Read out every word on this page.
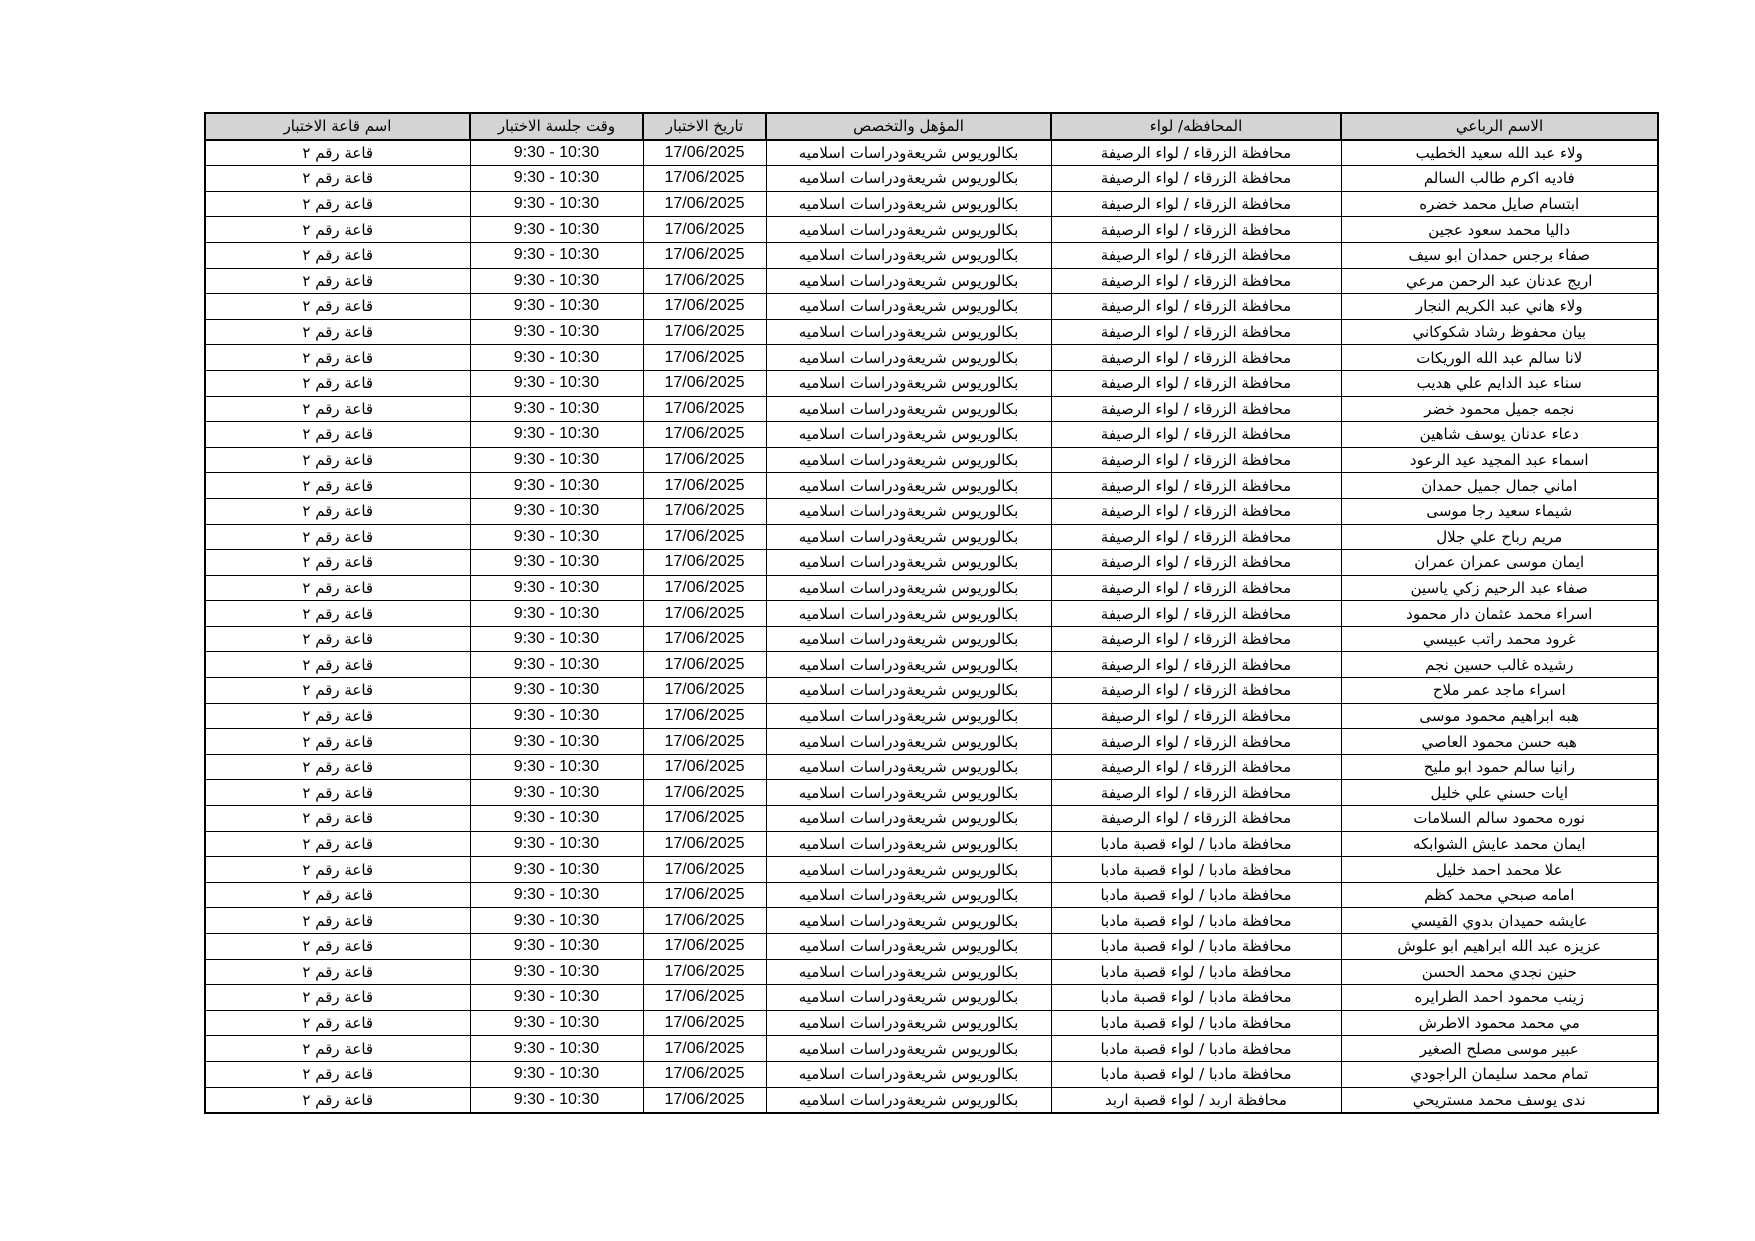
الاسم الرباعي	المحافظه/ لواء	المؤهل والتخصص	تاريخ الاختبار	وقت جلسة الاختبار	اسم قاعة الاختبار
ولاء عبد الله سعيد الخطيب	محافظة الزرقاء / لواء الرصيفة	بكالوريوس شريعةودراسات اسلاميه	17/06/2025	9:30 - 10:30	قاعة رقم ٢
فاديه اكرم طالب السالم	محافظة الزرقاء / لواء الرصيفة	بكالوريوس شريعةودراسات اسلاميه	17/06/2025	9:30 - 10:30	قاعة رقم ٢
ابتسام صايل محمد خضره	محافظة الزرقاء / لواء الرصيفة	بكالوريوس شريعةودراسات اسلاميه	17/06/2025	9:30 - 10:30	قاعة رقم ٢
داليا محمد سعود عجين	محافظة الزرقاء / لواء الرصيفة	بكالوريوس شريعةودراسات اسلاميه	17/06/2025	9:30 - 10:30	قاعة رقم ٢
صفاء برجس حمدان ابو سيف	محافظة الزرقاء / لواء الرصيفة	بكالوريوس شريعةودراسات اسلاميه	17/06/2025	9:30 - 10:30	قاعة رقم ٢
اريج عدنان عبد الرحمن مرعي	محافظة الزرقاء / لواء الرصيفة	بكالوريوس شريعةودراسات اسلاميه	17/06/2025	9:30 - 10:30	قاعة رقم ٢
ولاء هاني عبد الكريم النجار	محافظة الزرقاء / لواء الرصيفة	بكالوريوس شريعةودراسات اسلاميه	17/06/2025	9:30 - 10:30	قاعة رقم ٢
بيان محفوظ رشاد شكوكاني	محافظة الزرقاء / لواء الرصيفة	بكالوريوس شريعةودراسات اسلاميه	17/06/2025	9:30 - 10:30	قاعة رقم ٢
لانا سالم عبد الله الوريكات	محافظة الزرقاء / لواء الرصيفة	بكالوريوس شريعةودراسات اسلاميه	17/06/2025	9:30 - 10:30	قاعة رقم ٢
سناء عبد الدايم علي هديب	محافظة الزرقاء / لواء الرصيفة	بكالوريوس شريعةودراسات اسلاميه	17/06/2025	9:30 - 10:30	قاعة رقم ٢
نجمه جميل محمود خضر	محافظة الزرقاء / لواء الرصيفة	بكالوريوس شريعةودراسات اسلاميه	17/06/2025	9:30 - 10:30	قاعة رقم ٢
دعاء عدنان يوسف شاهين	محافظة الزرقاء / لواء الرصيفة	بكالوريوس شريعةودراسات اسلاميه	17/06/2025	9:30 - 10:30	قاعة رقم ٢
اسماء عبد المجيد عيد الرعود	محافظة الزرقاء / لواء الرصيفة	بكالوريوس شريعةودراسات اسلاميه	17/06/2025	9:30 - 10:30	قاعة رقم ٢
اماني جمال جميل حمدان	محافظة الزرقاء / لواء الرصيفة	بكالوريوس شريعةودراسات اسلاميه	17/06/2025	9:30 - 10:30	قاعة رقم ٢
شيماء سعيد رجا موسى	محافظة الزرقاء / لواء الرصيفة	بكالوريوس شريعةودراسات اسلاميه	17/06/2025	9:30 - 10:30	قاعة رقم ٢
مريم رباح علي جلال	محافظة الزرقاء / لواء الرصيفة	بكالوريوس شريعةودراسات اسلاميه	17/06/2025	9:30 - 10:30	قاعة رقم ٢
ايمان موسى عمران عمران	محافظة الزرقاء / لواء الرصيفة	بكالوريوس شريعةودراسات اسلاميه	17/06/2025	9:30 - 10:30	قاعة رقم ٢
صفاء عبد الرحيم زكي ياسين	محافظة الزرقاء / لواء الرصيفة	بكالوريوس شريعةودراسات اسلاميه	17/06/2025	9:30 - 10:30	قاعة رقم ٢
اسراء محمد عثمان دار محمود	محافظة الزرقاء / لواء الرصيفة	بكالوريوس شريعةودراسات اسلاميه	17/06/2025	9:30 - 10:30	قاعة رقم ٢
غرود محمد راتب عبيسي	محافظة الزرقاء / لواء الرصيفة	بكالوريوس شريعةودراسات اسلاميه	17/06/2025	9:30 - 10:30	قاعة رقم ٢
رشيده غالب حسين نجم	محافظة الزرقاء / لواء الرصيفة	بكالوريوس شريعةودراسات اسلاميه	17/06/2025	9:30 - 10:30	قاعة رقم ٢
اسراء ماجد عمر ملاح	محافظة الزرقاء / لواء الرصيفة	بكالوريوس شريعةودراسات اسلاميه	17/06/2025	9:30 - 10:30	قاعة رقم ٢
هبه ابراهيم محمود موسى	محافظة الزرقاء / لواء الرصيفة	بكالوريوس شريعةودراسات اسلاميه	17/06/2025	9:30 - 10:30	قاعة رقم ٢
هبه حسن محمود العاصي	محافظة الزرقاء / لواء الرصيفة	بكالوريوس شريعةودراسات اسلاميه	17/06/2025	9:30 - 10:30	قاعة رقم ٢
رانيا سالم حمود ابو مليح	محافظة الزرقاء / لواء الرصيفة	بكالوريوس شريعةودراسات اسلاميه	17/06/2025	9:30 - 10:30	قاعة رقم ٢
ايات حسني علي خليل	محافظة الزرقاء / لواء الرصيفة	بكالوريوس شريعةودراسات اسلاميه	17/06/2025	9:30 - 10:30	قاعة رقم ٢
نوره محمود سالم السلامات	محافظة الزرقاء / لواء الرصيفة	بكالوريوس شريعةودراسات اسلاميه	17/06/2025	9:30 - 10:30	قاعة رقم ٢
ايمان محمد عايش الشوابكه	محافظة مادبا / لواء قصبة مادبا	بكالوريوس شريعةودراسات اسلاميه	17/06/2025	9:30 - 10:30	قاعة رقم ٢
علا محمد احمد خليل	محافظة مادبا / لواء قصبة مادبا	بكالوريوس شريعةودراسات اسلاميه	17/06/2025	9:30 - 10:30	قاعة رقم ٢
امامه صبحي محمد كظم	محافظة مادبا / لواء قصبة مادبا	بكالوريوس شريعةودراسات اسلاميه	17/06/2025	9:30 - 10:30	قاعة رقم ٢
عايشه حميدان بدوي القيسي	محافظة مادبا / لواء قصبة مادبا	بكالوريوس شريعةودراسات اسلاميه	17/06/2025	9:30 - 10:30	قاعة رقم ٢
عزيزه عبد الله ابراهيم ابو علوش	محافظة مادبا / لواء قصبة مادبا	بكالوريوس شريعةودراسات اسلاميه	17/06/2025	9:30 - 10:30	قاعة رقم ٢
حنين نجدي محمد الحسن	محافظة مادبا / لواء قصبة مادبا	بكالوريوس شريعةودراسات اسلاميه	17/06/2025	9:30 - 10:30	قاعة رقم ٢
زينب محمود احمد الطرايره	محافظة مادبا / لواء قصبة مادبا	بكالوريوس شريعةودراسات اسلاميه	17/06/2025	9:30 - 10:30	قاعة رقم ٢
مي محمد محمود الاطرش	محافظة مادبا / لواء قصبة مادبا	بكالوريوس شريعةودراسات اسلاميه	17/06/2025	9:30 - 10:30	قاعة رقم ٢
عبير موسى مصلح الصغير	محافظة مادبا / لواء قصبة مادبا	بكالوريوس شريعةودراسات اسلاميه	17/06/2025	9:30 - 10:30	قاعة رقم ٢
تمام محمد سليمان الراجودي	محافظة مادبا / لواء قصبة مادبا	بكالوريوس شريعةودراسات اسلاميه	17/06/2025	9:30 - 10:30	قاعة رقم ٢
ندى يوسف محمد مستريحي	محافظة اربد / لواء قصبة اربد	بكالوريوس شريعةودراسات اسلاميه	17/06/2025	9:30 - 10:30	قاعة رقم ٢
